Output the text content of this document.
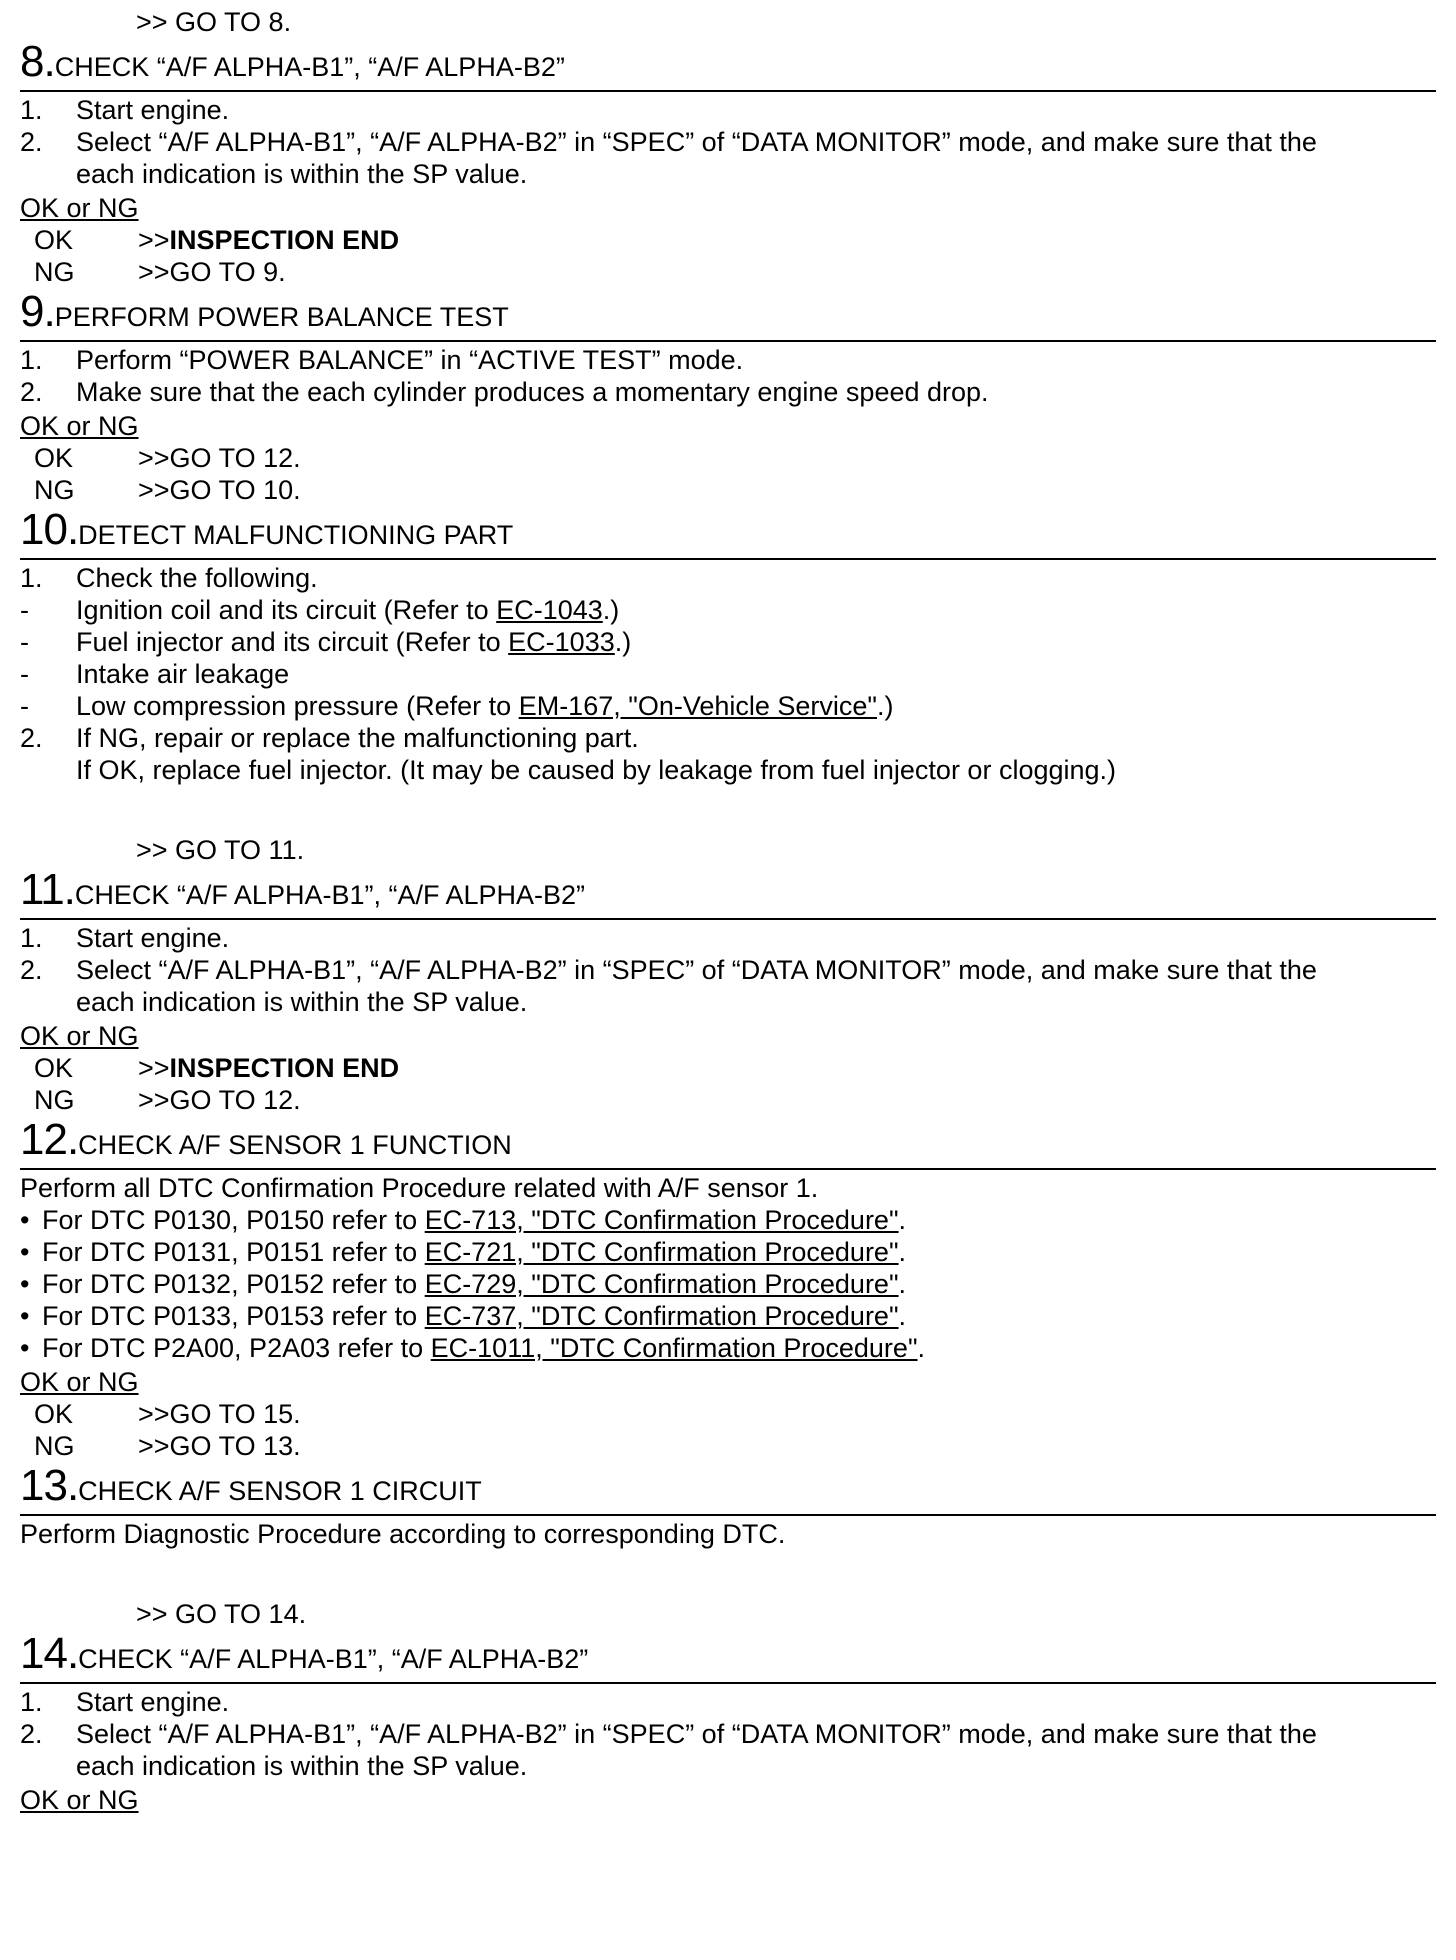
>> GO TO 8.
8. CHECK “A/F ALPHA-B1”, “A/F ALPHA-B2”
1.	Start engine.
2.	Select “A/F ALPHA-B1”, “A/F ALPHA-B2” in “SPEC” of “DATA MONITOR” mode, and make sure that the
each indication is within the SP value.
OK or NG
OK	>> INSPECTION END
NG	>> GO TO 9.
9. PERFORM POWER BALANCE TEST
1.	Perform “POWER BALANCE” in “ACTIVE TEST” mode.
2.	Make sure that the each cylinder produces a momentary engine speed drop.
OK or NG
OK	>> GO TO 12.
NG	>> GO TO 10.
10. DETECT MALFUNCTIONING PART
1.	Check the following.
-	Ignition coil and its circuit (Refer to EC-1043.)
-	Fuel injector and its circuit (Refer to EC-1033.)
-	Intake air leakage
-	Low compression pressure (Refer to EM-167, "On-Vehicle Service".)
2.	If NG, repair or replace the malfunctioning part.
If OK, replace fuel injector. (It may be caused by leakage from fuel injector or clogging.)
>> GO TO 11.
11. CHECK “A/F ALPHA-B1”, “A/F ALPHA-B2”
1.	Start engine.
2.	Select “A/F ALPHA-B1”, “A/F ALPHA-B2” in “SPEC” of “DATA MONITOR” mode, and make sure that the
each indication is within the SP value.
OK or NG
OK	>> INSPECTION END
NG	>> GO TO 12.
12. CHECK A/F SENSOR 1 FUNCTION
Perform all DTC Confirmation Procedure related with A/F sensor 1.
• For DTC P0130, P0150 refer to EC-713, "DTC Confirmation Procedure".
• For DTC P0131, P0151 refer to EC-721, "DTC Confirmation Procedure".
• For DTC P0132, P0152 refer to EC-729, "DTC Confirmation Procedure".
• For DTC P0133, P0153 refer to EC-737, "DTC Confirmation Procedure".
• For DTC P2A00, P2A03 refer to EC-1011, "DTC Confirmation Procedure".
OK or NG
OK	>> GO TO 15.
NG	>> GO TO 13.
13. CHECK A/F SENSOR 1 CIRCUIT
Perform Diagnostic Procedure according to corresponding DTC.
>> GO TO 14.
14. CHECK “A/F ALPHA-B1”, “A/F ALPHA-B2”
1.	Start engine.
2.	Select “A/F ALPHA-B1”, “A/F ALPHA-B2” in “SPEC” of “DATA MONITOR” mode, and make sure that the
each indication is within the SP value.
OK or NG
